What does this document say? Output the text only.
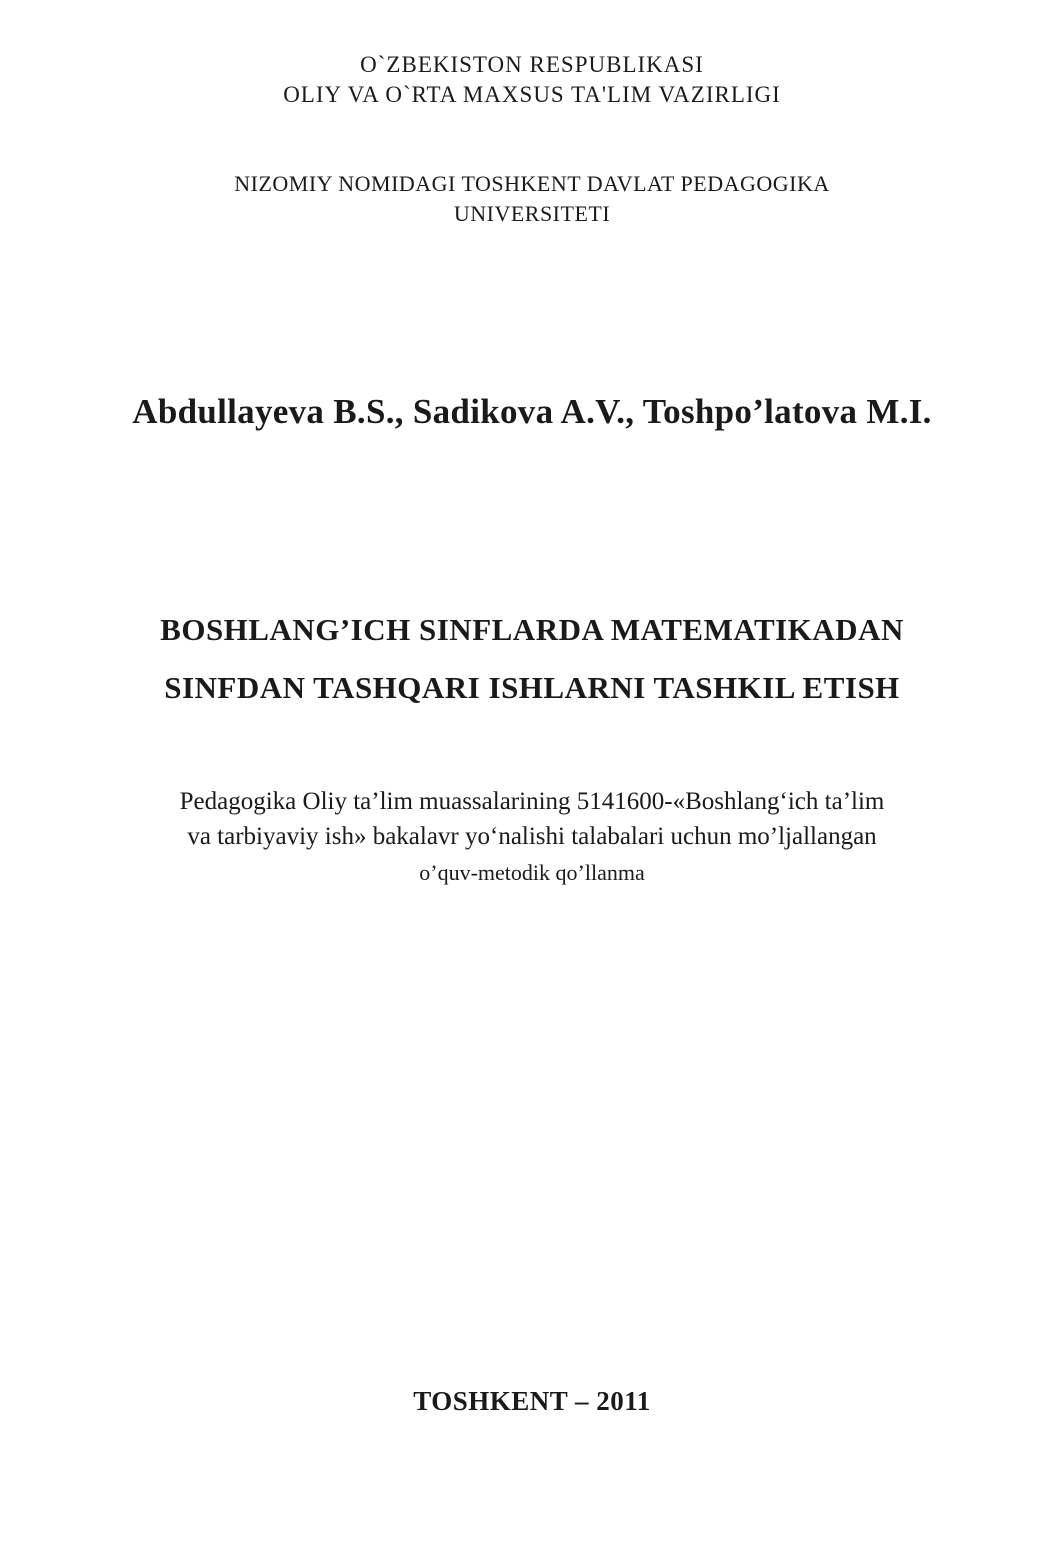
O`ZBEKISTON RESPUBLIKASI

OLIY VA O`RTA MAXSUS TA'LIM VAZIRLIGI

NIZOMIY NOMIDAGI TOSHKENT DAVLAT PEDAGOGIKA

UNIVERSITETI

Abdullayeva B.S., Sadikova A.V., Toshpo’latova M.I.

BOSHLANG’ICH SINFLARDA MATEMATIKADAN

SINFDAN TASHQARI ISHLARNI TASHKIL ETISH

Pedagogika Oliy ta’lim muassalarining 5141600-«Boshlang‘ich ta’lim

va tarbiyaviy ish» bakalavr yo‘nalishi talabalari uchun mo’ljallangan

o’quv-metodik qo’llanma

TOSHKENT – 2011
